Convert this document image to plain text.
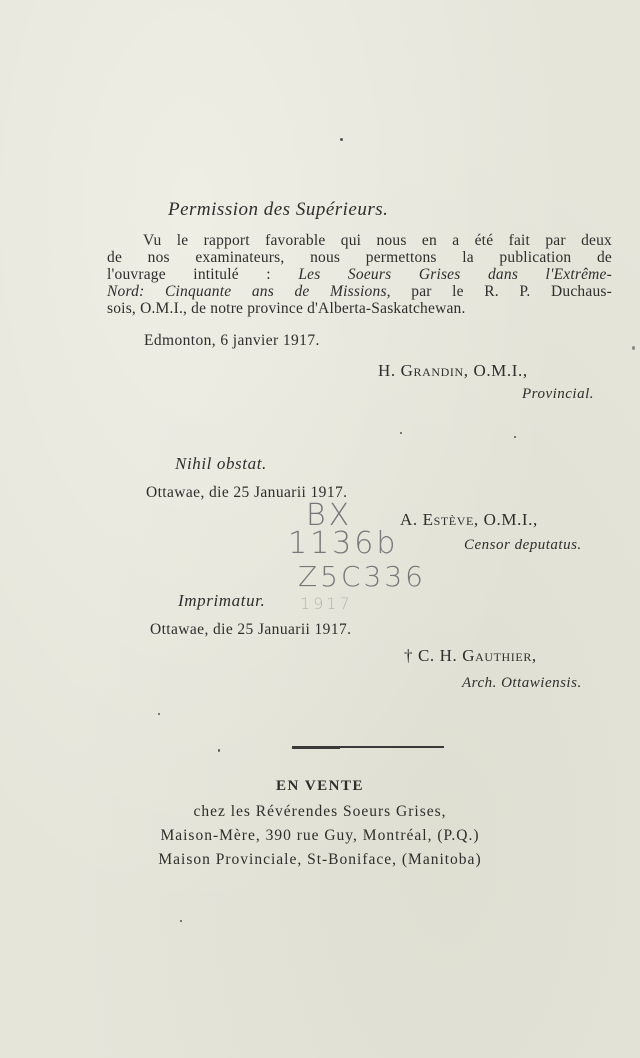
Permission des Supérieurs.
Vu le rapport favorable qui nous en a été fait par deux
de nos examinateurs, nous permettons la publication de
l'ouvrage intitulé : Les Soeurs Grises dans l'Extrême-
Nord: Cinquante ans de Missions, par le R. P. Duchaus-
sois, O.M.I., de notre province d'Alberta-Saskatchewan.
Edmonton, 6 janvier 1917.
H. Grandin, O.M.I.,
Provincial.
Nihil obstat.
Ottawae, die 25 Januarii 1917.
A. Estève, O.M.I.,
Censor deputatus.
BX
1136b
Z5C336
1917
Imprimatur.
Ottawae, die 25 Januarii 1917.
† C. H. Gauthier,
Arch. Ottawiensis.
EN VENTE
chez les Révérendes Soeurs Grises,
Maison-Mère, 390 rue Guy, Montréal, (P.Q.)
Maison Provinciale, St-Boniface, (Manitoba)
